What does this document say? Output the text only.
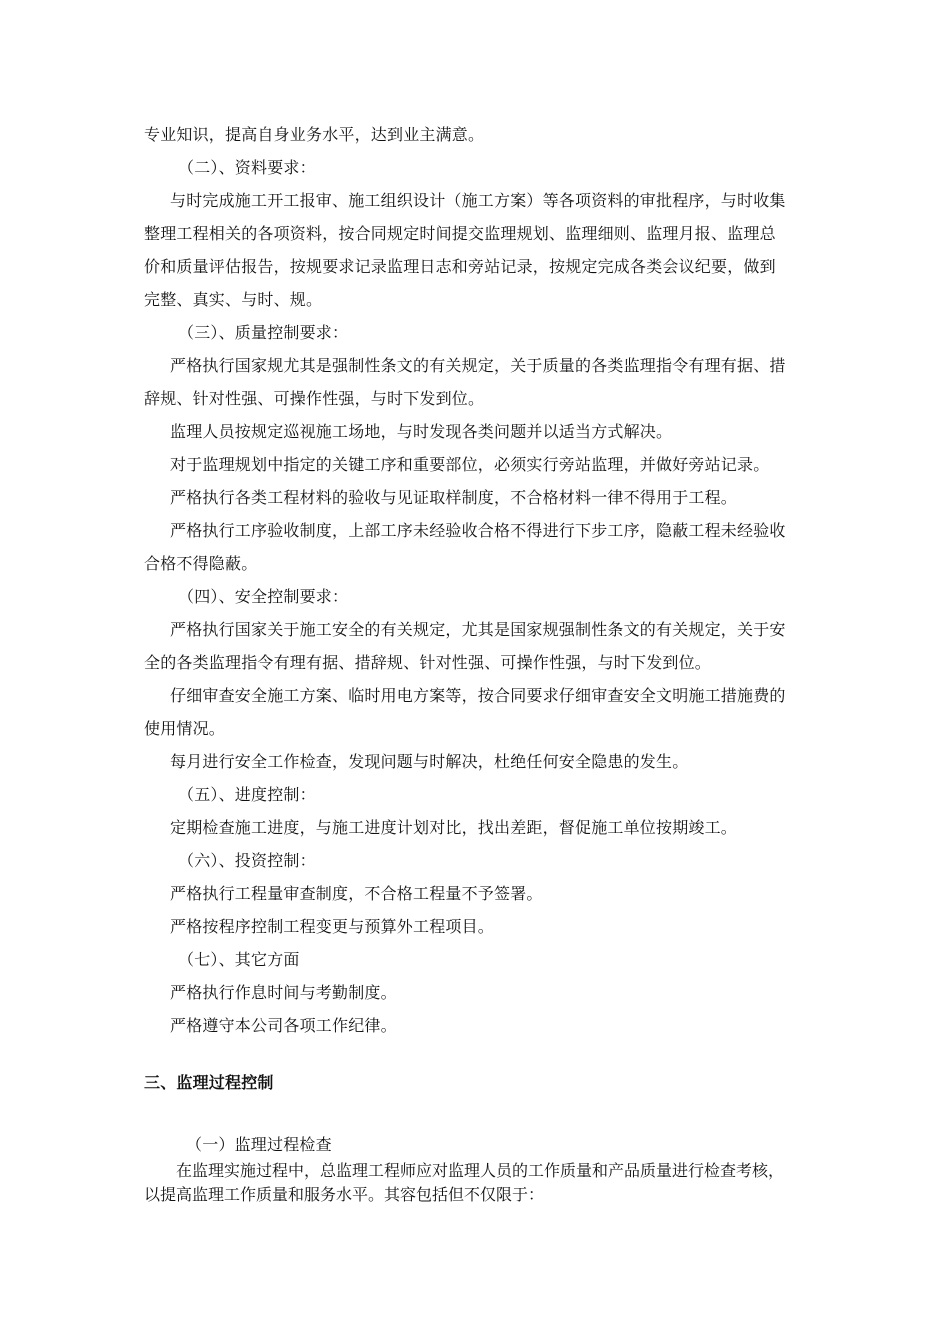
专业知识，提高自身业务水平，达到业主满意。
（二）、资料要求：
与时完成施工开工报审、施工组织设计（施工方案）等各项资料的审批程序，与时收集
整理工程相关的各项资料，按合同规定时间提交监理规划、监理细则、监理月报、监理总
价和质量评估报告，按规要求记录监理日志和旁站记录，按规定完成各类会议纪要，做到
完整、真实、与时、规。
（三）、质量控制要求：
严格执行国家规尤其是强制性条文的有关规定，关于质量的各类监理指令有理有据、措
辞规、针对性强、可操作性强，与时下发到位。
监理人员按规定巡视施工场地，与时发现各类问题并以适当方式解决。
对于监理规划中指定的关键工序和重要部位，必须实行旁站监理，并做好旁站记录。
严格执行各类工程材料的验收与见证取样制度，不合格材料一律不得用于工程。
严格执行工序验收制度，上部工序未经验收合格不得进行下步工序，隐蔽工程未经验收
合格不得隐蔽。
（四）、安全控制要求：
严格执行国家关于施工安全的有关规定，尤其是国家规强制性条文的有关规定，关于安
全的各类监理指令有理有据、措辞规、针对性强、可操作性强，与时下发到位。
仔细审查安全施工方案、临时用电方案等，按合同要求仔细审查安全文明施工措施费的
使用情况。
每月进行安全工作检查，发现问题与时解决，杜绝任何安全隐患的发生。
（五）、进度控制：
定期检查施工进度，与施工进度计划对比，找出差距，督促施工单位按期竣工。
（六）、投资控制：
严格执行工程量审查制度，不合格工程量不予签署。
严格按程序控制工程变更与预算外工程项目。
（七）、其它方面
严格执行作息时间与考勤制度。
严格遵守本公司各项工作纪律。
三、监理过程控制
（一）监理过程检查
在监理实施过程中，总监理工程师应对监理人员的工作质量和产品质量进行检查考核，
以提高监理工作质量和服务水平。其容包括但不仅限于：
